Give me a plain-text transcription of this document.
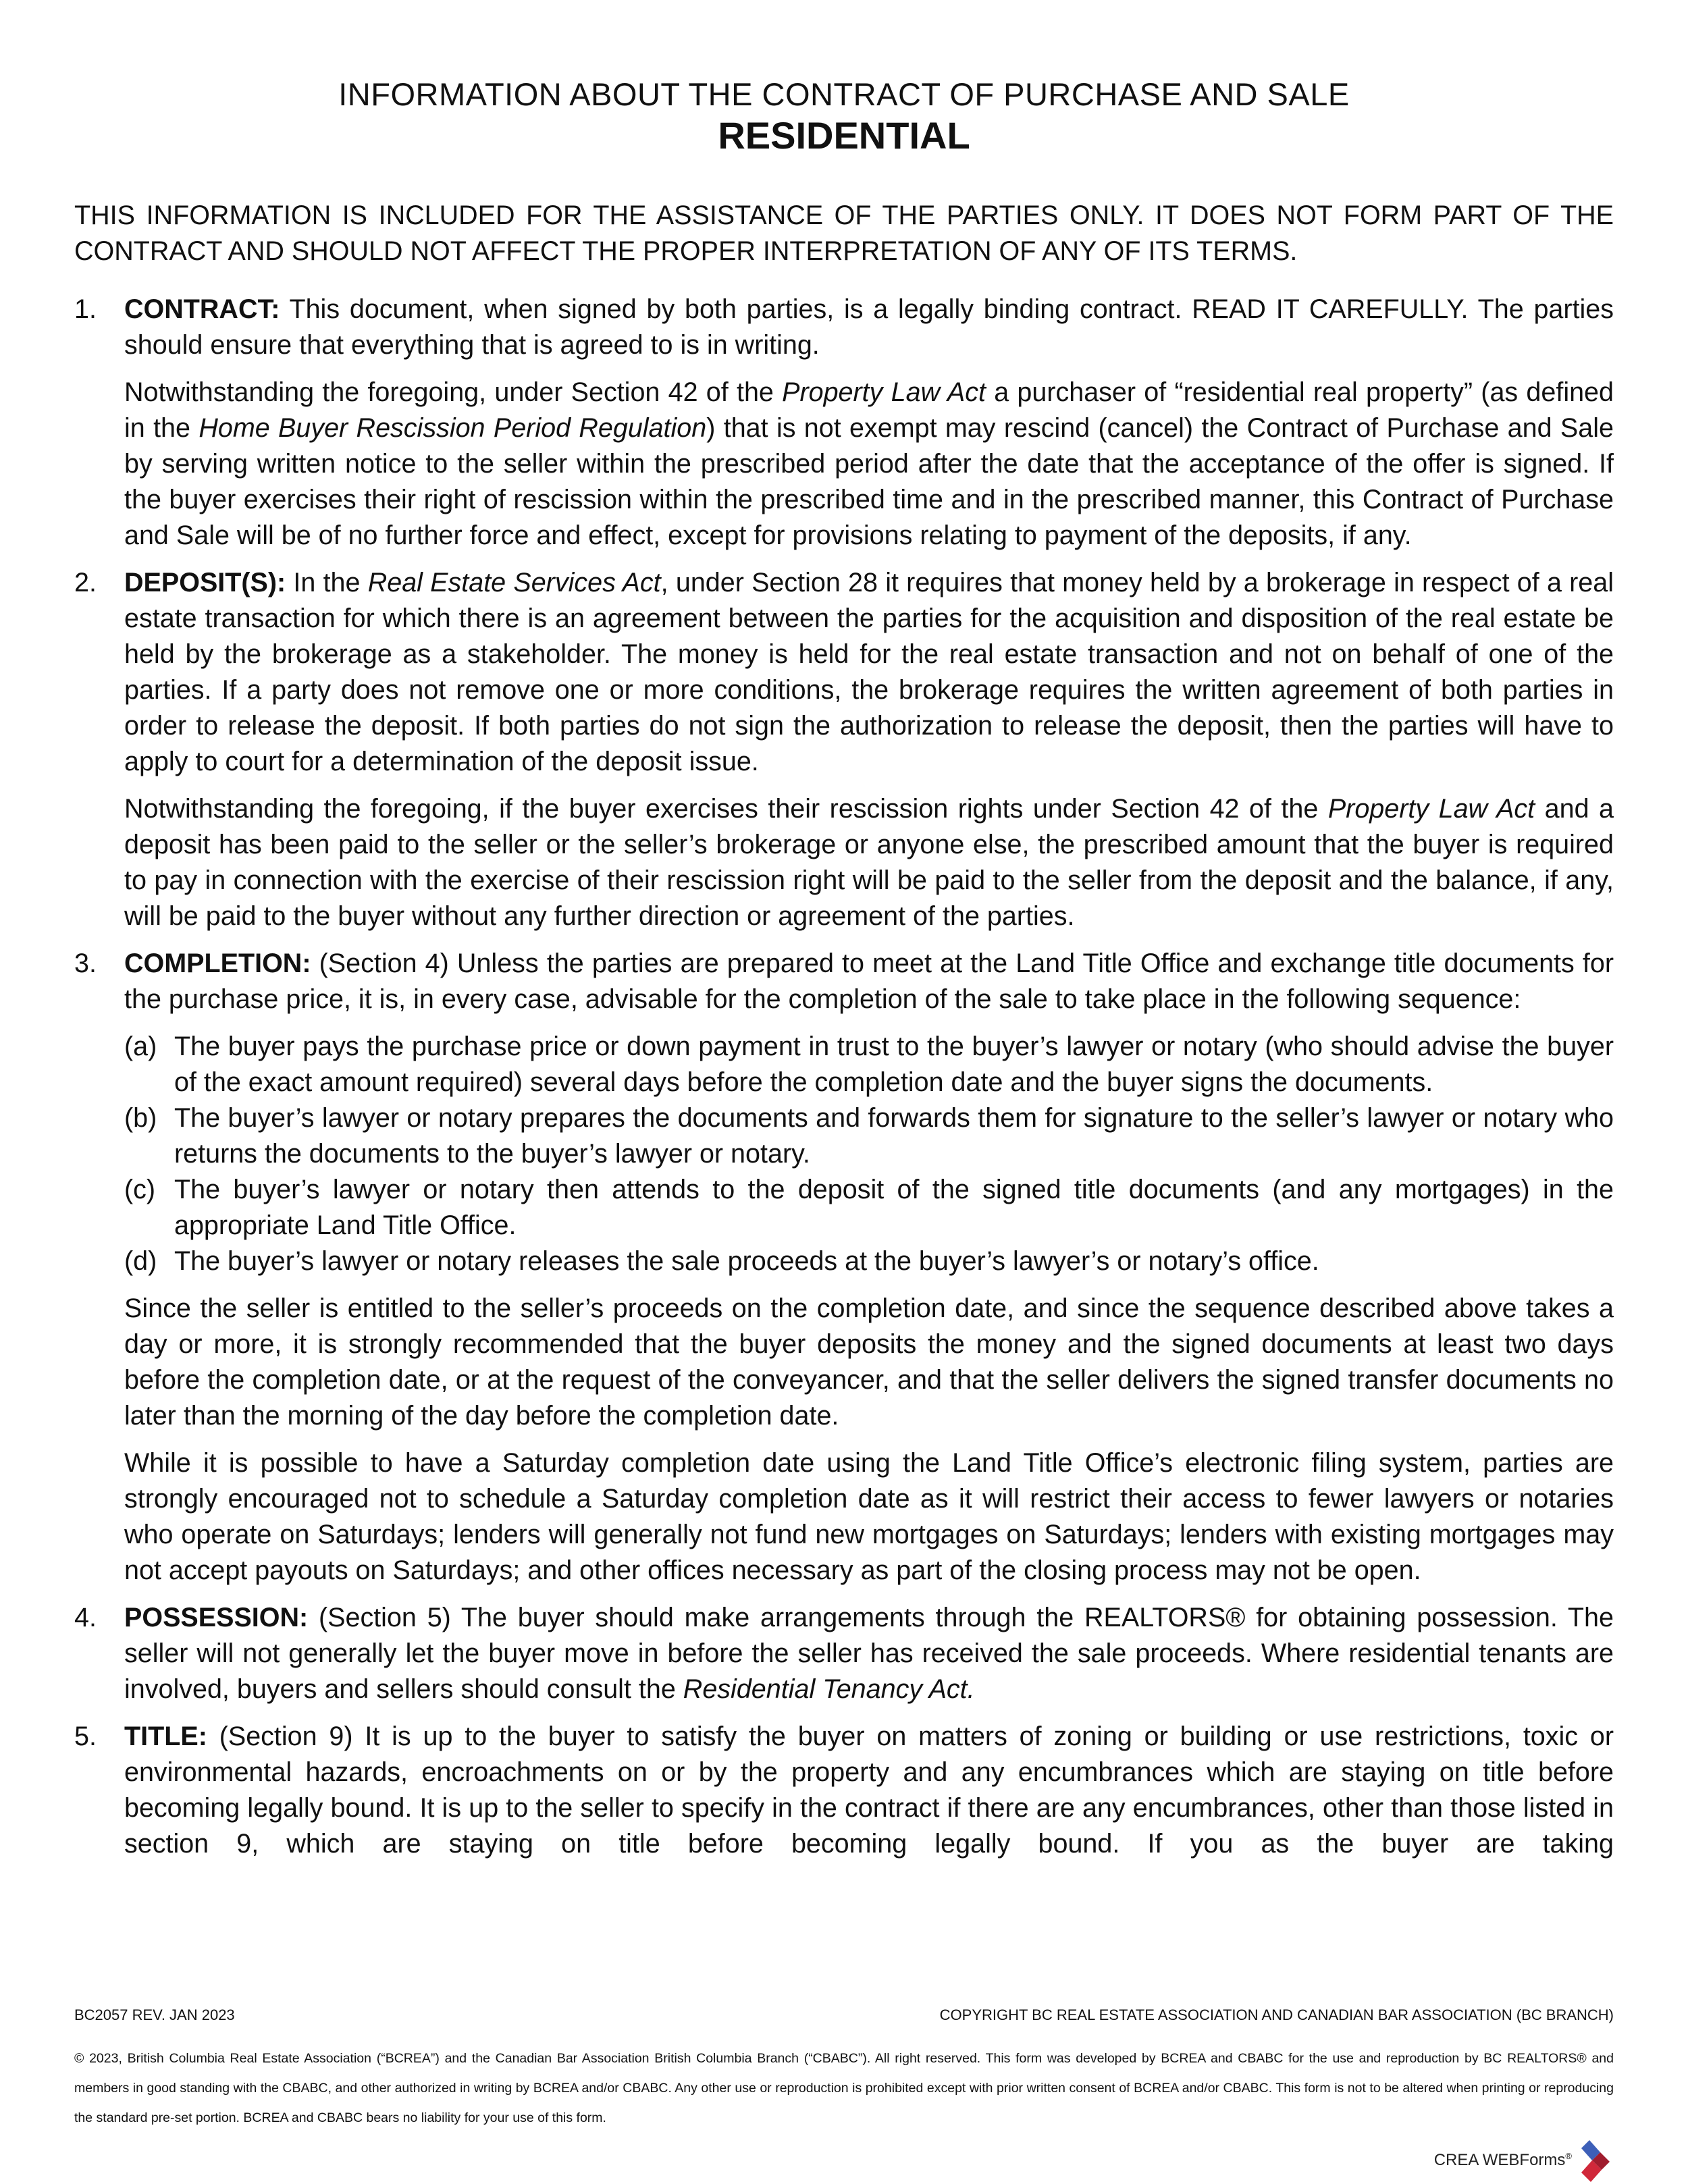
INFORMATION ABOUT THE CONTRACT OF PURCHASE AND SALE
RESIDENTIAL

THIS INFORMATION IS INCLUDED FOR THE ASSISTANCE OF THE PARTIES ONLY. IT DOES NOT FORM PART OF THE CONTRACT AND SHOULD NOT AFFECT THE PROPER INTERPRETATION OF ANY OF ITS TERMS.

1. CONTRACT: This document, when signed by both parties, is a legally binding contract. READ IT CAREFULLY. The parties should ensure that everything that is agreed to is in writing.

Notwithstanding the foregoing, under Section 42 of the Property Law Act a purchaser of “residential real property” (as defined in the Home Buyer Rescission Period Regulation) that is not exempt may rescind (cancel) the Contract of Purchase and Sale by serving written notice to the seller within the prescribed period after the date that the acceptance of the offer is signed. If the buyer exercises their right of rescission within the prescribed time and in the prescribed manner, this Contract of Purchase and Sale will be of no further force and effect, except for provisions relating to payment of the deposits, if any.

2. DEPOSIT(S): In the Real Estate Services Act, under Section 28 it requires that money held by a brokerage in respect of a real estate transaction for which there is an agreement between the parties for the acquisition and disposition of the real estate be held by the brokerage as a stakeholder. The money is held for the real estate transaction and not on behalf of one of the parties. If a party does not remove one or more conditions, the brokerage requires the written agreement of both parties in order to release the deposit. If both parties do not sign the authorization to release the deposit, then the parties will have to apply to court for a determination of the deposit issue.

Notwithstanding the foregoing, if the buyer exercises their rescission rights under Section 42 of the Property Law Act and a deposit has been paid to the seller or the seller’s brokerage or anyone else, the prescribed amount that the buyer is required to pay in connection with the exercise of their rescission right will be paid to the seller from the deposit and the balance, if any, will be paid to the buyer without any further direction or agreement of the parties.

3. COMPLETION: (Section 4) Unless the parties are prepared to meet at the Land Title Office and exchange title documents for the purchase price, it is, in every case, advisable for the completion of the sale to take place in the following sequence:

(a) The buyer pays the purchase price or down payment in trust to the buyer’s lawyer or notary (who should advise the buyer of the exact amount required) several days before the completion date and the buyer signs the documents.
(b) The buyer’s lawyer or notary prepares the documents and forwards them for signature to the seller’s lawyer or notary who returns the documents to the buyer’s lawyer or notary.
(c) The buyer’s lawyer or notary then attends to the deposit of the signed title documents (and any mortgages) in the appropriate Land Title Office.
(d) The buyer’s lawyer or notary releases the sale proceeds at the buyer’s lawyer’s or notary’s office.

Since the seller is entitled to the seller’s proceeds on the completion date, and since the sequence described above takes a day or more, it is strongly recommended that the buyer deposits the money and the signed documents at least two days before the completion date, or at the request of the conveyancer, and that the seller delivers the signed transfer documents no later than the morning of the day before the completion date.

While it is possible to have a Saturday completion date using the Land Title Office’s electronic filing system, parties are strongly encouraged not to schedule a Saturday completion date as it will restrict their access to fewer lawyers or notaries who operate on Saturdays; lenders will generally not fund new mortgages on Saturdays; lenders with existing mortgages may not accept payouts on Saturdays; and other offices necessary as part of the closing process may not be open.

4. POSSESSION: (Section 5) The buyer should make arrangements through the REALTORS® for obtaining possession. The seller will not generally let the buyer move in before the seller has received the sale proceeds. Where residential tenants are involved, buyers and sellers should consult the Residential Tenancy Act.

5. TITLE: (Section 9) It is up to the buyer to satisfy the buyer on matters of zoning or building or use restrictions, toxic or environmental hazards, encroachments on or by the property and any encumbrances which are staying on title before becoming legally bound. It is up to the seller to specify in the contract if there are any encumbrances, other than those listed in section 9, which are staying on title before becoming legally bound. If you as the buyer are taking

BC2057 REV. JAN 2023	COPYRIGHT BC REAL ESTATE ASSOCIATION AND CANADIAN BAR ASSOCIATION (BC BRANCH)

© 2023, British Columbia Real Estate Association (“BCREA”) and the Canadian Bar Association British Columbia Branch (“CBABC”). All right reserved. This form was developed by BCREA and CBABC for the use and reproduction by BC REALTORS® and members in good standing with the CBABC, and other authorized in writing by BCREA and/or CBABC. Any other use or reproduction is prohibited except with prior written consent of BCREA and/or CBABC. This form is not to be altered when printing or reproducing the standard pre-set portion. BCREA and CBABC bears no liability for your use of this form.

CREA WEBForms®
